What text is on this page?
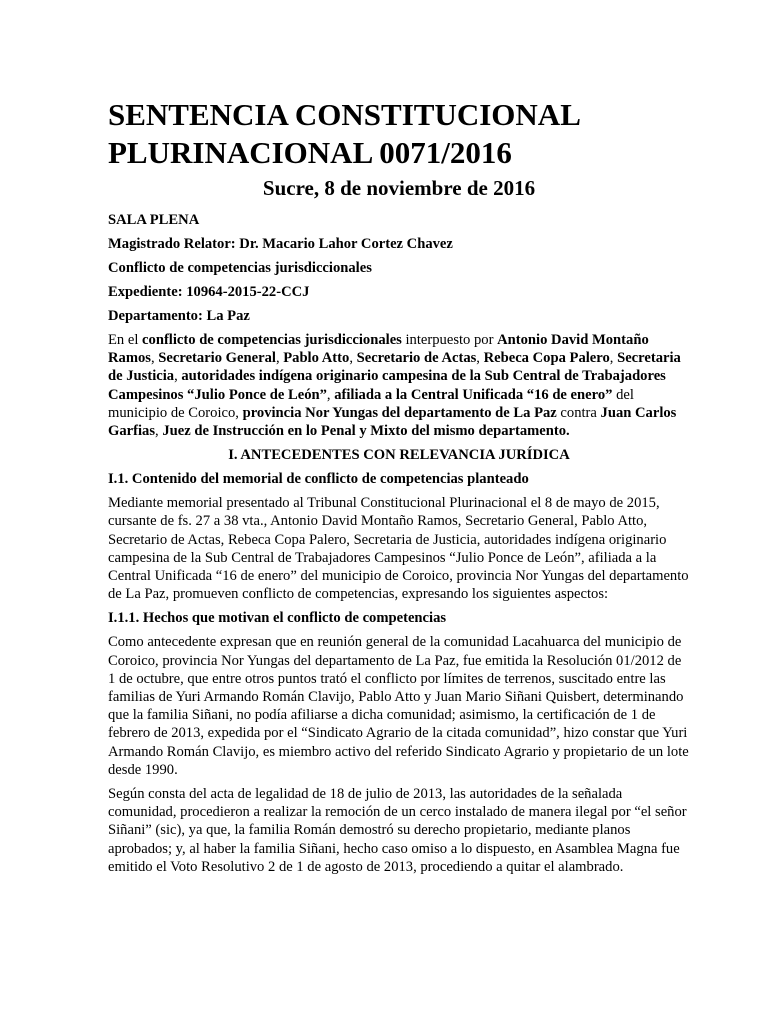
SENTENCIA CONSTITUCIONAL
PLURINACIONAL 0071/2016

Sucre, 8 de noviembre de 2016

SALA PLENA

Magistrado Relator: Dr. Macario Lahor Cortez Chavez

Conflicto de competencias jurisdiccionales

Expediente: 10964-2015-22-CCJ

Departamento: La Paz

En el conflicto de competencias jurisdiccionales interpuesto por Antonio David Montaño Ramos, Secretario General, Pablo Atto, Secretario de Actas, Rebeca Copa Palero, Secretaria de Justicia, autoridades indígena originario campesina de la Sub Central de Trabajadores Campesinos “Julio Ponce de León”, afiliada a la Central Unificada “16 de enero” del municipio de Coroico, provincia Nor Yungas del departamento de La Paz contra Juan Carlos Garfias, Juez de Instrucción en lo Penal y Mixto del mismo departamento.

I. ANTECEDENTES CON RELEVANCIA JURÍDICA
I.1. Contenido del memorial de conflicto de competencias planteado

Mediante memorial presentado al Tribunal Constitucional Plurinacional el 8 de mayo de 2015, cursante de fs. 27 a 38 vta., Antonio David Montaño Ramos, Secretario General, Pablo Atto, Secretario de Actas, Rebeca Copa Palero, Secretaria de Justicia, autoridades indígena originario campesina de la Sub Central de Trabajadores Campesinos “Julio Ponce de León”, afiliada a la Central Unificada “16 de enero” del municipio de Coroico, provincia Nor Yungas del departamento de La Paz, promueven conflicto de competencias, expresando los siguientes aspectos:

I.1.1. Hechos que motivan el conflicto de competencias

Como antecedente expresan que en reunión general de la comunidad Lacahuarca del municipio de Coroico, provincia Nor Yungas del departamento de La Paz, fue emitida la Resolución 01/2012 de 1 de octubre, que entre otros puntos trató el conflicto por límites de terrenos, suscitado entre las familias de Yuri Armando Román Clavijo, Pablo Atto y Juan Mario Siñani Quisbert, determinando que la familia Siñani, no podía afiliarse a dicha comunidad; asimismo, la certificación de 1 de febrero de 2013, expedida por el “Sindicato Agrario de la citada comunidad”, hizo constar que Yuri Armando Román Clavijo, es miembro activo del referido Sindicato Agrario y propietario de un lote desde 1990.

Según consta del acta de legalidad de 18 de julio de 2013, las autoridades de la señalada comunidad, procedieron a realizar la remoción de un cerco instalado de manera ilegal por “el señor Siñani” (sic), ya que, la familia Román demostró su derecho propietario, mediante planos aprobados; y, al haber la familia Siñani, hecho caso omiso a lo dispuesto, en Asamblea Magna fue emitido el Voto Resolutivo 2 de 1 de agosto de 2013, procediendo a quitar el alambrado.
